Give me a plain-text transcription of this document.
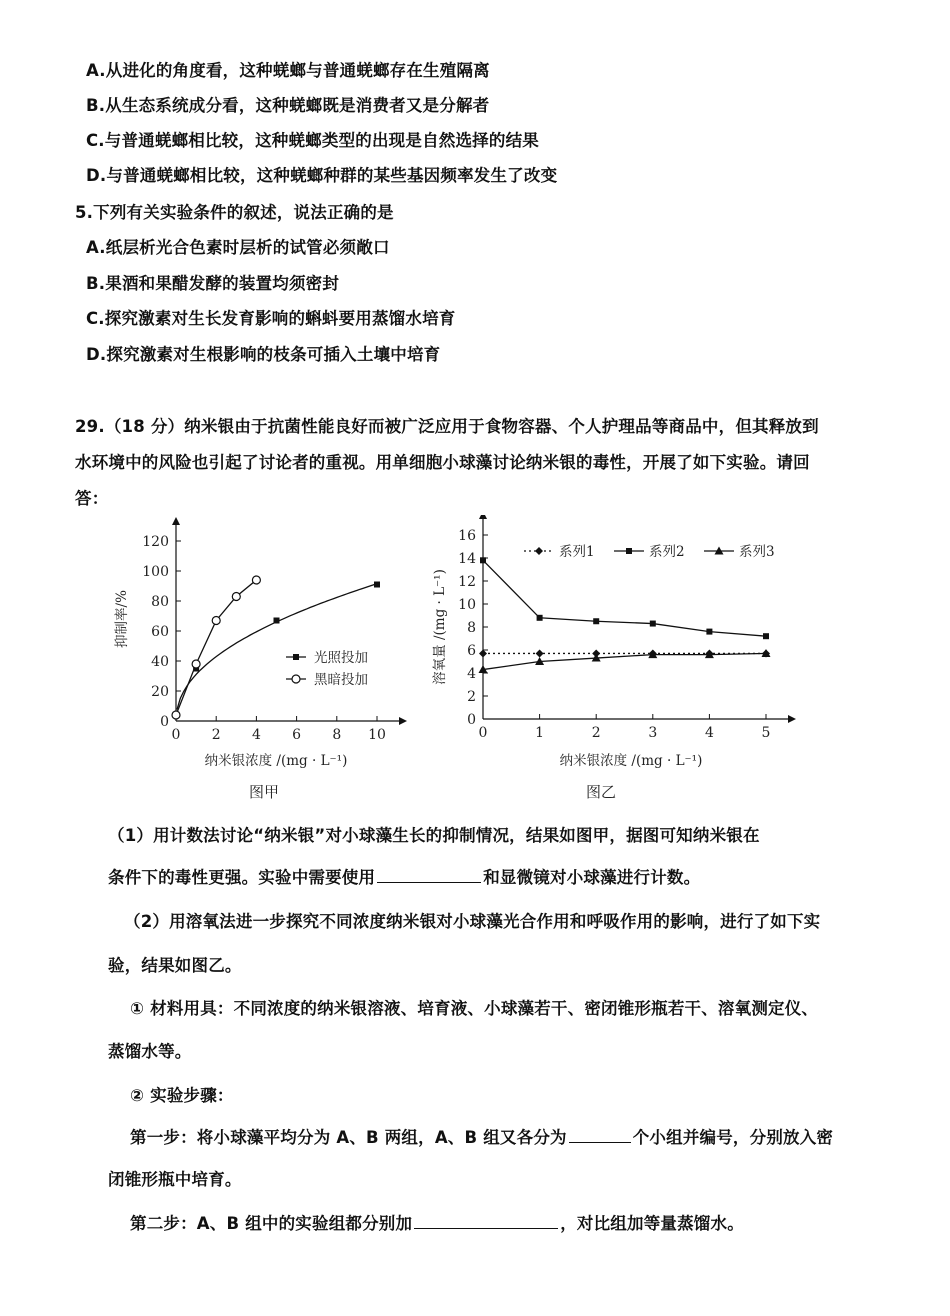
A.从进化的角度看，这种蜣螂与普通蜣螂存在生殖隔离
B.从生态系统成分看，这种蜣螂既是消费者又是分解者
C.与普通蜣螂相比较，这种蜣螂类型的出现是自然选择的结果
D.与普通蜣螂相比较，这种蜣螂种群的某些基因频率发生了改变
5.下列有关实验条件的叙述，说法正确的是
A.纸层析光合色素时层析的试管必须敞口
B.果酒和果醋发酵的装置均须密封
C.探究激素对生长发育影响的蝌蚪要用蒸馏水培育
D.探究激素对生根影响的枝条可插入土壤中培育
29.（18 分）纳米银由于抗菌性能良好而被广泛应用于食物容器、个人护理品等商品中，但其释放到
水环境中的风险也引起了讨论者的重视。用单细胞小球藻讨论纳米银的毒性，开展了如下实验。请回
答：
0 2 4 6 8 10
0
20
40
60
80
100
120
光照投加
黑暗投加
抑制率/%
纳米银浓度 /(mg · L⁻¹)
图甲
0	1	2	3	4	5
0
2
4
6
8
10
12
14
16
系列1	系列2	系列3
溶氧量 /(mg · L⁻¹)
纳米银浓度 /(mg · L⁻¹)
图乙
（1）用计数法讨论“纳米银”对小球藻生长的抑制情况，结果如图甲，据图可知纳米银在
条件下的毒性更强。实验中需要使用	和显微镜对小球藻进行计数。
（2）用溶氧法进一步探究不同浓度纳米银对小球藻光合作用和呼吸作用的影响，进行了如下实
验，结果如图乙。
① 材料用具：不同浓度的纳米银溶液、培育液、小球藻若干、密闭锥形瓶若干、溶氧测定仪、
蒸馏水等。
② 实验步骤：
第一步：将小球藻平均分为 A、B 两组，A、B 组又各分为	个小组并编号，分别放入密
闭锥形瓶中培育。
第二步：A、B 组中的实验组都分别加	，对比组加等量蒸馏水。
